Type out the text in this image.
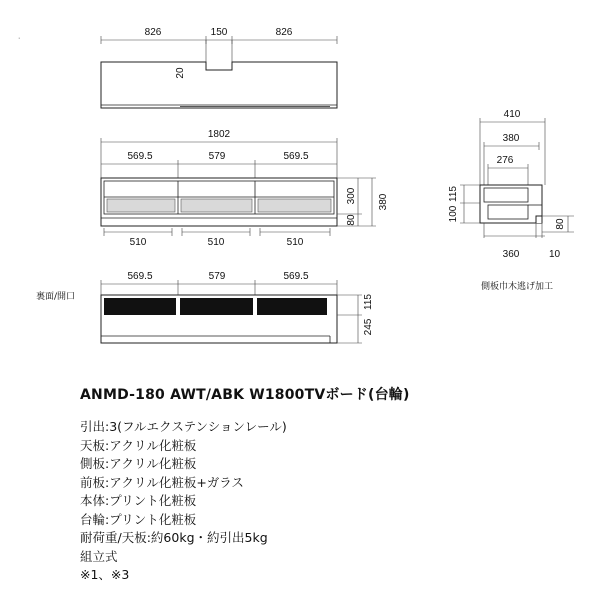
·
826	150	826
20
1802
569.5	579	569.5
510	510	510
300
80
380
410
380
276
115
100
80
360	10
側板巾木逃げ加工
裏面/開口
569.5	579	569.5
115
245

ANMD-180 AWT/ABK W1800TVボード(台輪)

引出:3(フルエクステンションレール)

天板:アクリル化粧板

側板:アクリル化粧板

前板:アクリル化粧板+ガラス

本体:プリント化粧板

台輪:プリント化粧板

耐荷重/天板:約60kg・約引出5kg

組立式

※1、※3
